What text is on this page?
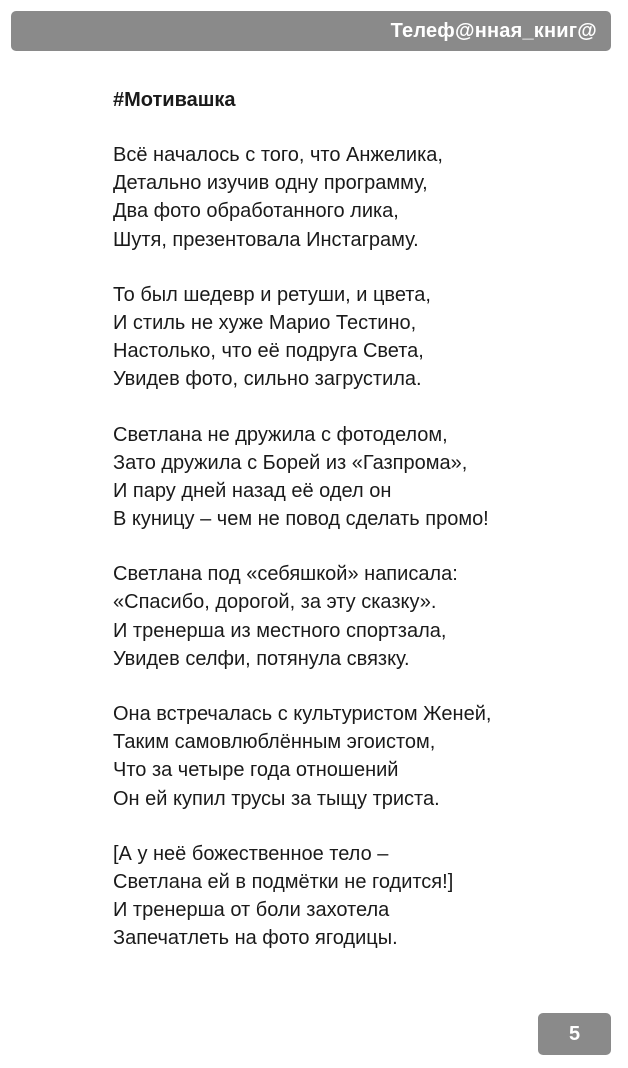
Телеф@нная_книг@
#Мотивашка
Всё началось с того, что Анжелика,
Детально изучив одну программу,
Два фото обработанного лика,
Шутя, презентовала Инстаграму.
То был шедевр и ретуши, и цвета,
И стиль не хуже Марио Тестино,
Настолько, что её подруга Света,
Увидев фото, сильно загрустила.
Светлана не дружила с фотоделом,
Зато дружила с Борей из «Газпрома»,
И пару дней назад её одел он
В куницу – чем не повод сделать промо!
Светлана под «себяшкой» написала:
«Спасибо, дорогой, за эту сказку».
И тренерша из местного спортзала,
Увидев селфи, потянула связку.
Она встречалась с культуристом Женей,
Таким самовлюблённым эгоистом,
Что за четыре года отношений
Он ей купил трусы за тыщу триста.
[А у неё божественное тело –
Светлана ей в подмётки не годится!]
И тренерша от боли захотела
Запечатлеть на фото ягодицы.
5
